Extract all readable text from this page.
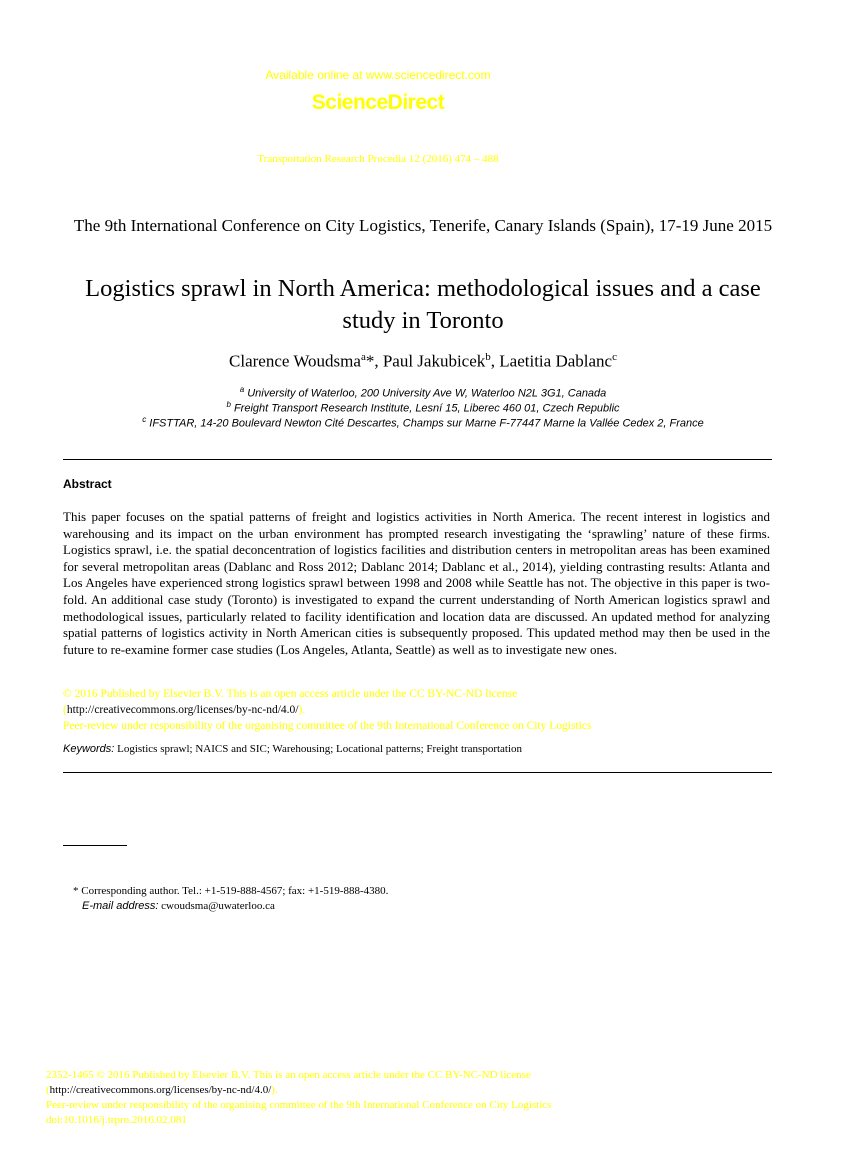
Available online at www.sciencedirect.com
ScienceDirect
Transportation Research Procedia 12 (2016) 474 – 488
The 9th International Conference on City Logistics, Tenerife, Canary Islands (Spain), 17-19 June 2015
Logistics sprawl in North America: methodological issues and a case study in Toronto
Clarence Woudsma$^a$*, Paul Jakubicek$^b$, Laetitia Dablanc$^c$
$^a$ University of Waterloo, 200 University Ave W, Waterloo N2L 3G1, Canada
$^b$ Freight Transport Research Institute, Lesní 15, Liberec 460 01, Czech Republic
$^c$ IFSTTAR, 14-20 Boulevard Newton Cité Descartes, Champs sur Marne F-77447 Marne la Vallée Cedex 2, France
Abstract
This paper focuses on the spatial patterns of freight and logistics activities in North America. The recent interest in logistics and warehousing and its impact on the urban environment has prompted research investigating the ‘sprawling’ nature of these firms. Logistics sprawl, i.e. the spatial deconcentration of logistics facilities and distribution centers in metropolitan areas has been examined for several metropolitan areas (Dablanc and Ross 2012; Dablanc 2014; Dablanc et al., 2014), yielding contrasting results: Atlanta and Los Angeles have experienced strong logistics sprawl between 1998 and 2008 while Seattle has not. The objective in this paper is two-fold. An additional case study (Toronto) is investigated to expand the current understanding of North American logistics sprawl and methodological issues, particularly related to facility identification and location data are discussed. An updated method for analyzing spatial patterns of logistics activity in North American cities is subsequently proposed. This updated method may then be used in the future to re-examine former case studies (Los Angeles, Atlanta, Seattle) as well as to investigate new ones.
© 2016 Published by Elsevier B.V. This is an open access article under the CC BY-NC-ND license
(http://creativecommons.org/licenses/by-nc-nd/4.0/).
Peer-review under responsibility of the organising committee of the 9th International Conference on City Logistics
Keywords: Logistics sprawl; NAICS and SIC; Warehousing; Locational patterns; Freight transportation
* Corresponding author. Tel.: +1-519-888-4567; fax: +1-519-888-4380.
E-mail address: cwoudsma@uwaterloo.ca
2352-1465 © 2016 Published by Elsevier B.V. This is an open access article under the CC BY-NC-ND license
(http://creativecommons.org/licenses/by-nc-nd/4.0/).
Peer-review under responsibility of the organising committee of the 9th International Conference on City Logistics
doi:10.1016/j.trpro.2016.02.081
